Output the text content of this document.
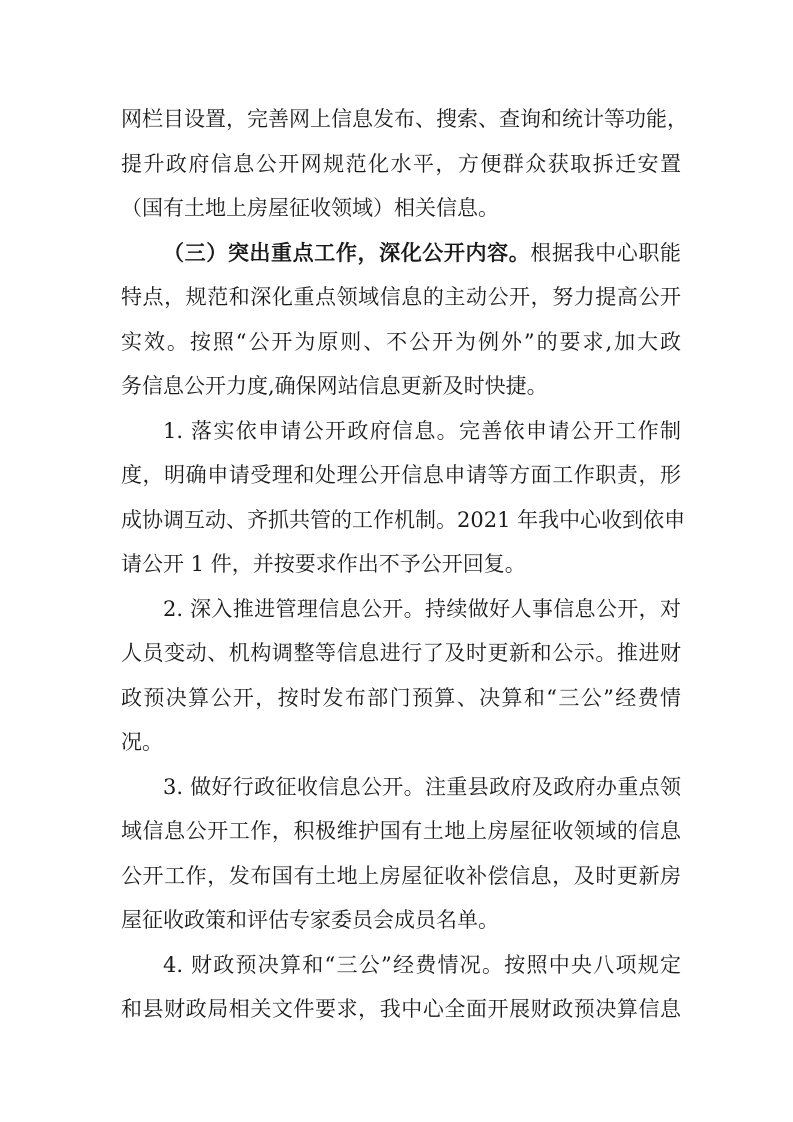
网栏目设置，完善网上信息发布、搜索、查询和统计等功能，
提升政府信息公开网规范化水平，方便群众获取拆迁安置
（国有土地上房屋征收领域）相关信息。
（三）突出重点工作，深化公开内容。根据我中心职能
特点，规范和深化重点领域信息的主动公开，努力提高公开
实效。按照“公开为原则、不公开为例外”的要求,加大政
务信息公开力度,确保网站信息更新及时快捷。
1. 落实依申请公开政府信息。完善依申请公开工作制
度，明确申请受理和处理公开信息申请等方面工作职责，形
成协调互动、齐抓共管的工作机制。2021 年我中心收到依申
请公开 1 件，并按要求作出不予公开回复。
2. 深入推进管理信息公开。持续做好人事信息公开，对
人员变动、机构调整等信息进行了及时更新和公示。推进财
政预决算公开，按时发布部门预算、决算和“三公”经费情
况。
3. 做好行政征收信息公开。注重县政府及政府办重点领
域信息公开工作，积极维护国有土地上房屋征收领域的信息
公开工作，发布国有土地上房屋征收补偿信息，及时更新房
屋征收政策和评估专家委员会成员名单。
4. 财政预决算和“三公”经费情况。按照中央八项规定
和县财政局相关文件要求，我中心全面开展财政预决算信息
